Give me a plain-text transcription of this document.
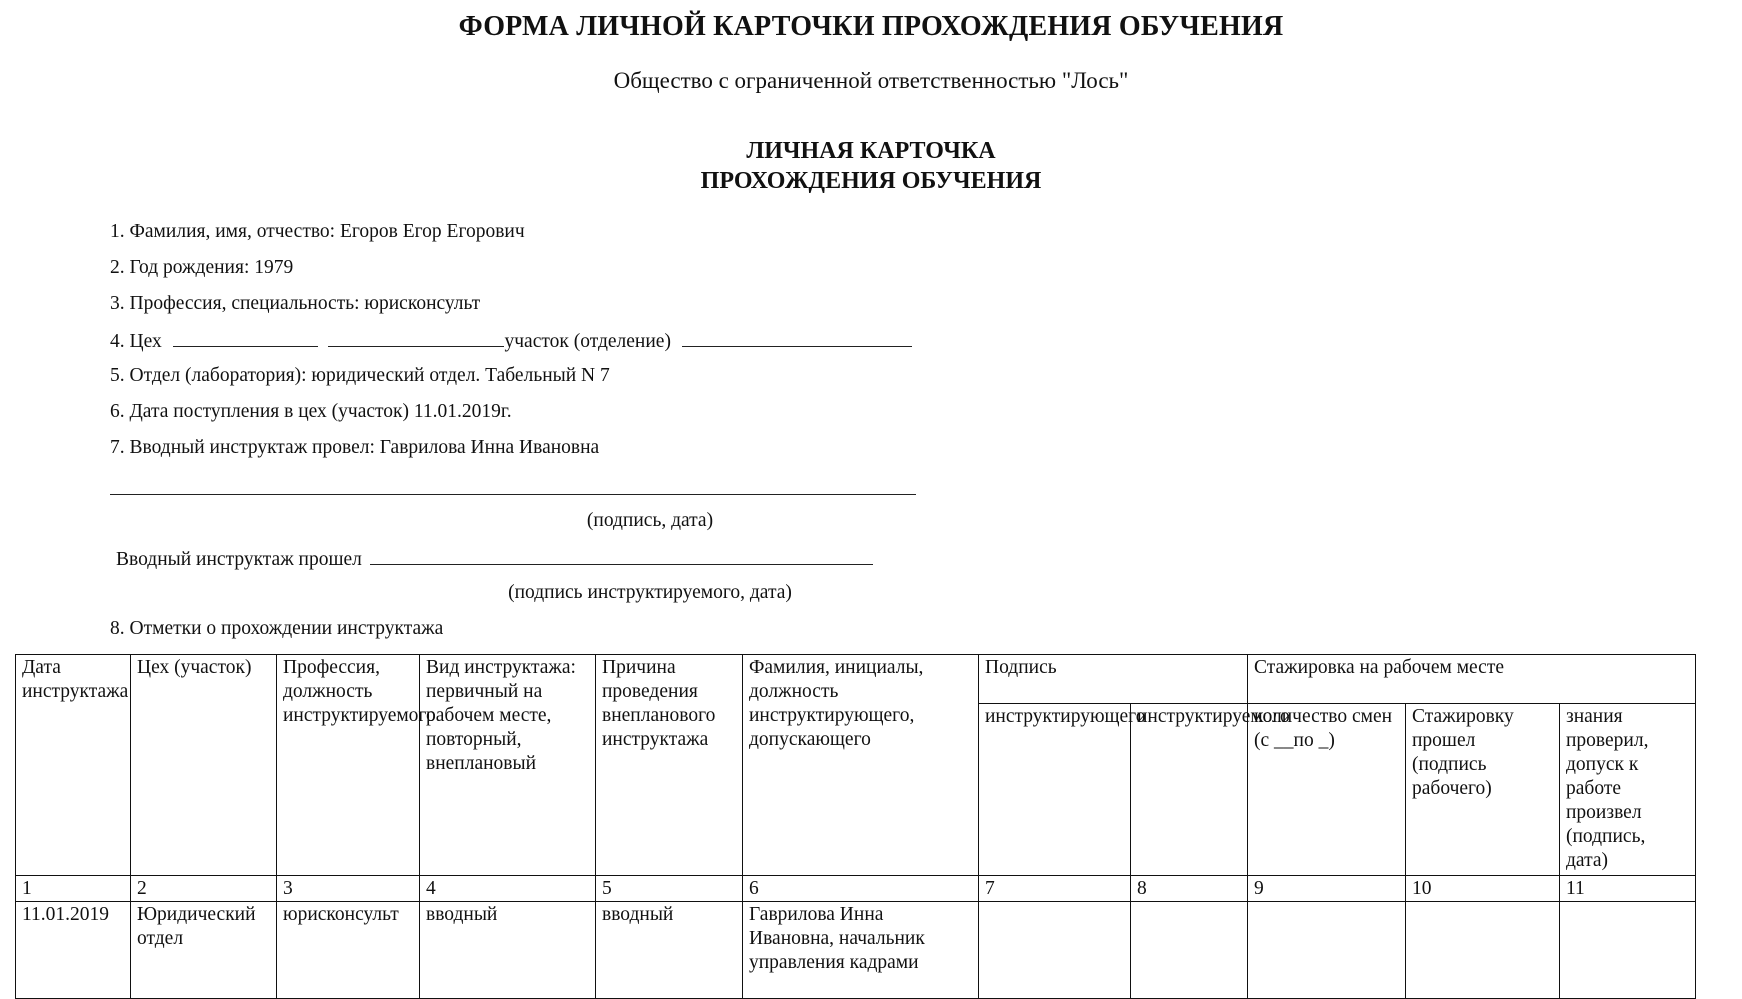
ФОРМА ЛИЧНОЙ КАРТОЧКИ ПРОХОЖДЕНИЯ ОБУЧЕНИЯ
Общество с ограниченной ответственностью "Лось"
ЛИЧНАЯ КАРТОЧКА
ПРОХОЖДЕНИЯ ОБУЧЕНИЯ
1. Фамилия, имя, отчество: Егоров Егор Егорович
2. Год рождения: 1979
3. Профессия, специальность: юрисконсульт
4. Цех	участок (отделение)
5. Отдел (лаборатория): юридический отдел. Табельный N 7
6. Дата поступления в цех (участок) 11.01.2019г.
7. Вводный инструктаж провел: Гаврилова Инна Ивановна
(подпись, дата)
Вводный инструктаж прошел
(подпись инструктируемого, дата)
8. Отметки о прохождении инструктажа
Дата инструктажа	Цех (участок)	Профессия, должность инструктируемого	Вид инструктажа: первичный на рабочем месте, повторный, внеплановый	Причина проведения внепланового инструктажа	Фамилия, инициалы, должность инструктирующего, допускающего	Подпись		Стажировка на рабочем месте		
						инструктирующего	инструктируемого	количество смен (с __по _)	Стажировку прошел (подпись рабочего)	знания проверил, допуск к работе произвел (подпись, дата)
1	2	3	4	5	6	7	8	9	10	11
11.01.2019	Юридический отдел	юрисконсульт	вводный	вводный	Гаврилова Инна Ивановна, начальник управления кадрами					
